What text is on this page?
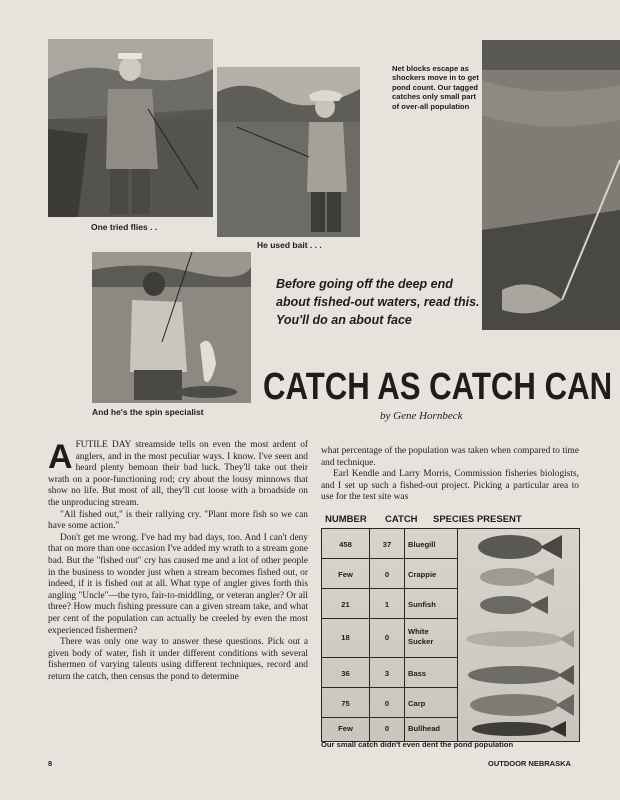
One tried flies . .
He used bait . . .
And he's the spin specialist
Net blocks escape as shockers move in to get pond count. Our tagged catches only small part of over-all population
Before going off the deep end about fished-out waters, read this. You'll do an about face
CATCH AS CATCH CAN
by Gene Hornbeck

AFUTILE DAY streamside tells on even the most ardent of anglers, and in the most peculiar ways. I know. I've seen and heard plenty bemoan their bad luck. They'll take out their wrath on a poor-functioning rod; cry about the lousy minnows that show no life. But most of all, they'll cut loose with a broadside on the unproducing stream.

"All fished out," is their rallying cry. "Plant more fish so we can have some action."

Don't get me wrong. I've had my bad days, too. And I can't deny that on more than one occasion I've added my wrath to a stream gone bad. But the "fished out" cry has caused me and a lot of other people in the business to wonder just when a stream becomes fished out, or indeed, if it is fished out at all. What type of angler gives forth this angling "Uncle"—the tyro, fair-to-middling, or veteran angler? Or all three? How much fishing pressure can a given stream take, and what per cent of the population can actually be creeled by even the most experienced fishermen?

There was only one way to answer these questions. Pick out a given body of water, fish it under different conditions with several fishermen of varying talents using different techniques, record and return the catch, then census the pond to determine

what percentage of the population was taken when compared to time and technique.

Earl Kendle and Larry Morris, Commission fisheries biologists, and I set up such a fished-out project. Picking a particular area to use for the test site was

NUMBER CATCH SPECIES PRESENT
458	37	Bluegill
Few	0	Crappie
21	1	Sunfish
18	0
White Sucker
36	3	Bass
75	0	Carp
Few	0	Bullhead
Our small catch didn't even dent the pond population
8	OUTDOOR NEBRASKA
